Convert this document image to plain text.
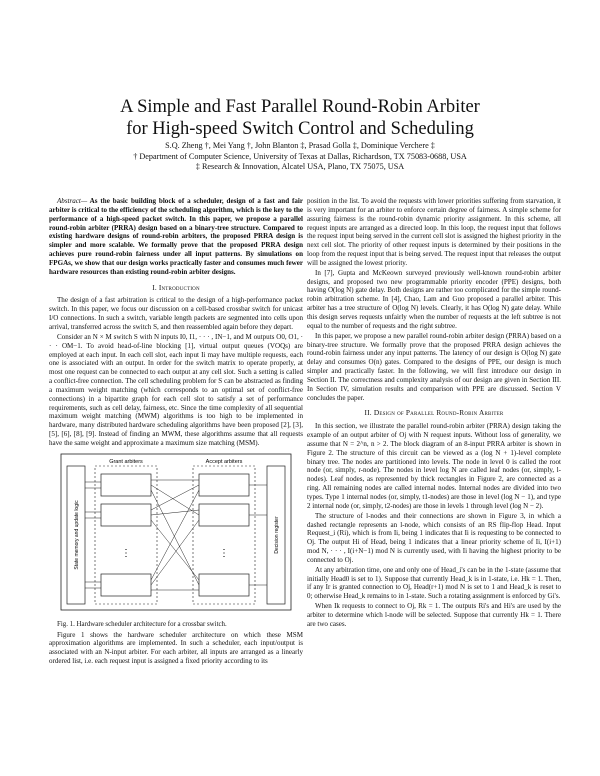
A Simple and Fast Parallel Round-Robin Arbiter
for High-speed Switch Control and Scheduling
S.Q. Zheng †, Mei Yang †, John Blanton ‡, Prasad Golla ‡, Dominique Verchere ‡
† Department of Computer Science, University of Texas at Dallas, Richardson, TX 75083-0688, USA
‡ Research & Innovation, Alcatel USA, Plano, TX 75075, USA

Abstract— As the basic building block of a scheduler, design of a fast and fair arbiter is critical to the efficiency of the scheduling algorithm, which is the key to the performance of a high-speed packet switch. In this paper, we propose a parallel round-robin arbiter (PRRA) design based on a binary-tree structure. Compared to existing hardware designs of round-robin arbiters, the proposed PRRA design is simpler and more scalable. We formally prove that the proposed PRRA design achieves pure round-robin fairness under all input patterns. By simulations on FPGAs, we show that our design works practically faster and consumes much fewer hardware resources than existing round-robin arbiter designs.

I. Introduction

The design of a fast arbitration is critical to the design of a high-performance packet switch. In this paper, we focus our discussion on a cell-based crossbar switch for unicast I/O connections. In such a switch, variable length packets are segmented into cells upon arrival, transferred across the switch S, and then reassembled again before they depart.

Consider an N × M switch S with N inputs I0, I1, · · · , IN−1, and M outputs O0, O1, · · · OM−1. To avoid head-of-line blocking [1], virtual output queues (VOQs) are employed at each input. In each cell slot, each input Ii may have multiple requests, each one is associated with an output. In order for the switch matrix to operate properly, at most one request can be connected to each output at any cell slot. Such a setting is called a conflict-free connection. The cell scheduling problem for S can be abstracted as finding a maximum weight matching (which corresponds to an optimal set of conflict-free connections) in a bipartite graph for each cell slot to satisfy a set of performance requirements, such as cell delay, fairness, etc. Since the time complexity of all sequential maximum weight matching (MWM) algorithms is too high to be implemented in hardware, many distributed hardware scheduling algorithms have been proposed [2], [3], [5], [6], [8], [9]. Instead of finding an MWM, these algorithms assume that all requests have the same weight and approximate a maximum size matching (MSM).

Grant arbiters	Accept arbiters
State memory and update logic	Decision register
⋮	⋮

Fig. 1. Hardware scheduler architecture for a crossbar switch.

Figure 1 shows the hardware scheduler architecture on which these MSM approximation algorithms are implemented. In such a scheduler, each input/output is associated with an N-input arbiter. For each arbiter, all inputs are arranged as a linearly ordered list, i.e. each request input is assigned a fixed priority according to its

position in the list. To avoid the requests with lower priorities suffering from starvation, it is very important for an arbiter to enforce certain degree of fairness. A simple scheme for assuring fairness is the round-robin dynamic priority assignment. In this scheme, all request inputs are arranged as a directed loop. In this loop, the request input that follows the request input being served in the current cell slot is assigned the highest priority in the next cell slot. The priority of other request inputs is determined by their positions in the loop from the request input that is being served. The request input that releases the output will be assigned the lowest priority.

In [7], Gupta and McKeown surveyed previously well-known round-robin arbiter designs, and proposed two new programmable priority encoder (PPE) designs, both having O(log N) gate delay. Both designs are rather too complicated for the simple round-robin arbitration scheme. In [4], Chao, Lam and Guo proposed a parallel arbiter. This arbiter has a tree structure of O(log N) levels. Clearly, it has O(log N) gate delay. While this design serves requests unfairly when the number of requests at the left subtree is not equal to the number of requests and the right subtree.

In this paper, we propose a new parallel round-robin arbiter design (PRRA) based on a binary-tree structure. We formally prove that the proposed PRRA design achieves the round-robin fairness under any input patterns. The latency of our design is O(log N) gate delay and consumes O(n) gates. Compared to the designs of PPE, our design is much simpler and practically faster. In the following, we will first introduce our design in Section II. The correctness and complexity analysis of our design are given in Section III. In Section IV, simulation results and comparison with PPE are discussed. Section V concludes the paper.

II. Design of Parallel Round-Robin Arbiter

In this section, we illustrate the parallel round-robin arbiter (PRRA) design taking the example of an output arbiter of Oj with N request inputs. Without loss of generality, we assume that N = 2^n, n > 2. The block diagram of an 8-input PRRA arbiter is shown in Figure 2. The structure of this circuit can be viewed as a (log N + 1)-level complete binary tree. The nodes are partitioned into levels. The node in level 0 is called the root node (or, simply, r-node). The nodes in level log N are called leaf nodes (or, simply, l-nodes). Leaf nodes, as represented by thick rectangles in Figure 2, are connected as a ring. All remaining nodes are called internal nodes. Internal nodes are divided into two types. Type 1 internal nodes (or, simply, t1-nodes) are those in level (log N − 1), and type 2 internal node (or, simply, t2-nodes) are those in levels 1 through level (log N − 2).

The structure of l-nodes and their connections are shown in Figure 3, in which a dashed rectangle represents an l-node, which consists of an RS flip-flop Head. Input Request_i (Ri), which is from Ii, being 1 indicates that Ii is requesting to be connected to Oj. The output Hi of Head, being 1 indicates that a linear priority scheme of Ii, I(i+1) mod N, · · · , I(i+N−1) mod N is currently used, with Ii having the highest priority to be connected to Oj.

At any arbitration time, one and only one of Head_i's can be in the 1-state (assume that initially Head0 is set to 1). Suppose that currently Head_k is in 1-state, i.e. Hk = 1. Then, if any Ir is granted connection to Oj, Head(r+1) mod N is set to 1 and Head_k is reset to 0; otherwise Head_k remains to in 1-state. Such a rotating assignment is enforced by Gi's.

When Ik requests to connect to Oj, Rk = 1. The outputs Ri's and Hi's are used by the arbiter to determine which l-node will be selected. Suppose that currently Hk = 1. There are two cases.
